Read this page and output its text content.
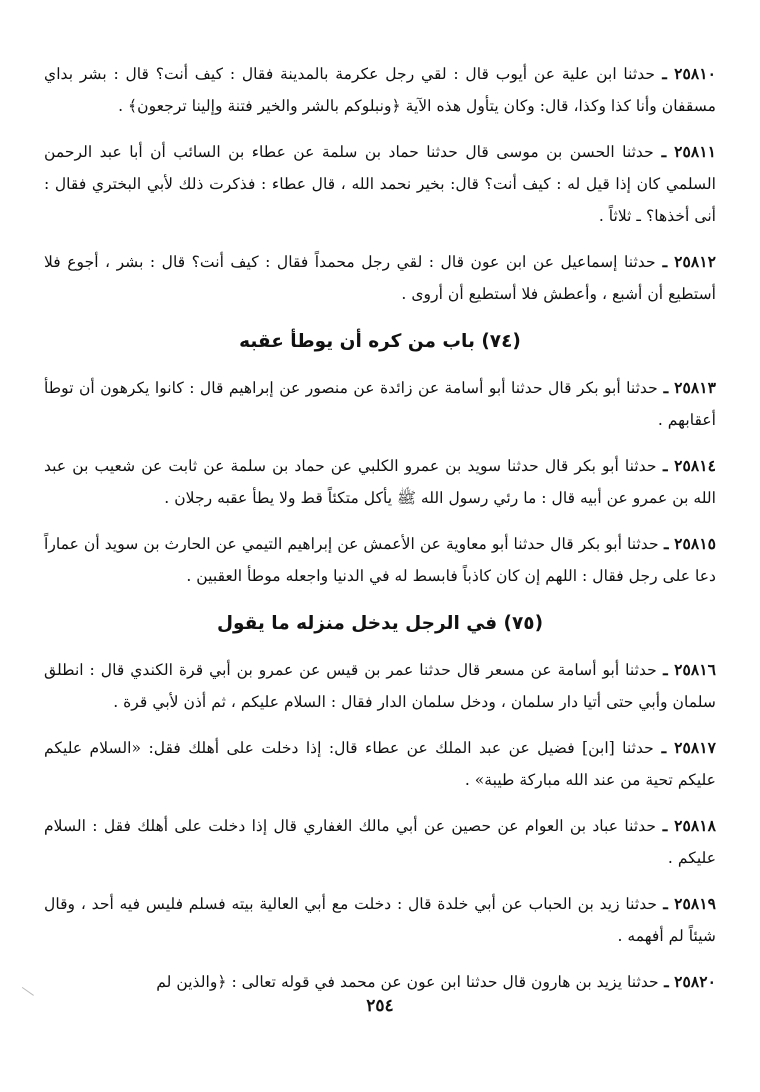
٢٥٨١٠ ـ حدثنا ابن علية عن أيوب قال : لقي رجل عكرمة بالمدينة فقال : كيف أنت؟ قال : بشر بداي مسقفان وأنا كذا وكذا، قال: وكان يتأول هذه الآية ﴿ونبلوكم بالشر والخير فتنة وإلينا ترجعون﴾ .

٢٥٨١١ ـ حدثنا الحسن بن موسى قال حدثنا حماد بن سلمة عن عطاء بن السائب أن أبا عبد الرحمن السلمي كان إذا قيل له : كيف أنت؟ قال: بخير نحمد الله ، قال عطاء : فذكرت ذلك لأبي البختري فقال : أنى أخذها؟ ـ ثلاثاً .

٢٥٨١٢ ـ حدثنا إسماعيل عن ابن عون قال : لقي رجل محمداً فقال : كيف أنت؟ قال : بشر ، أجوع فلا أستطيع أن أشبع ، وأعطش فلا أستطيع أن أروى .

(٧٤) باب من كره أن يوطأ عقبه

٢٥٨١٣ ـ حدثنا أبو بكر قال حدثنا أبو أسامة عن زائدة عن منصور عن إبراهيم قال : كانوا يكرهون أن توطأ أعقابهم .

٢٥٨١٤ ـ حدثنا أبو بكر قال حدثنا سويد بن عمرو الكلبي عن حماد بن سلمة عن ثابت عن شعيب بن عبد الله بن عمرو عن أبيه قال : ما رئي رسول الله ﷺ يأكل متكئاً قط ولا يطأ عقبه رجلان .

٢٥٨١٥ ـ حدثنا أبو بكر قال حدثنا أبو معاوية عن الأعمش عن إبراهيم التيمي عن الحارث بن سويد أن عماراً دعا على رجل فقال : اللهم إن كان كاذباً فابسط له في الدنيا واجعله موطأ العقبين .

(٧٥) في الرجل يدخل منزله ما يقول

٢٥٨١٦ ـ حدثنا أبو أسامة عن مسعر قال حدثنا عمر بن قيس عن عمرو بن أبي قرة الكندي قال : انطلق سلمان وأبي حتى أتيا دار سلمان ، ودخل سلمان الدار فقال : السلام عليكم ، ثم أذن لأبي قرة .

٢٥٨١٧ ـ حدثنا [ابن] فضيل عن عبد الملك عن عطاء قال: إذا دخلت على أهلك فقل: «السلام عليكم عليكم تحية من عند الله مباركة طيبة» .

٢٥٨١٨ ـ حدثنا عباد بن العوام عن حصين عن أبي مالك الغفاري قال إذا دخلت على أهلك فقل : السلام عليكم .

٢٥٨١٩ ـ حدثنا زيد بن الحباب عن أبي خلدة قال : دخلت مع أبي العالية بيته فسلم فليس فيه أحد ، وقال شيئاً لم أفهمه .

٢٥٨٢٠ ـ حدثنا يزيد بن هارون قال حدثنا ابن عون عن محمد في قوله تعالى : ﴿والذين لم

٢٥٤
